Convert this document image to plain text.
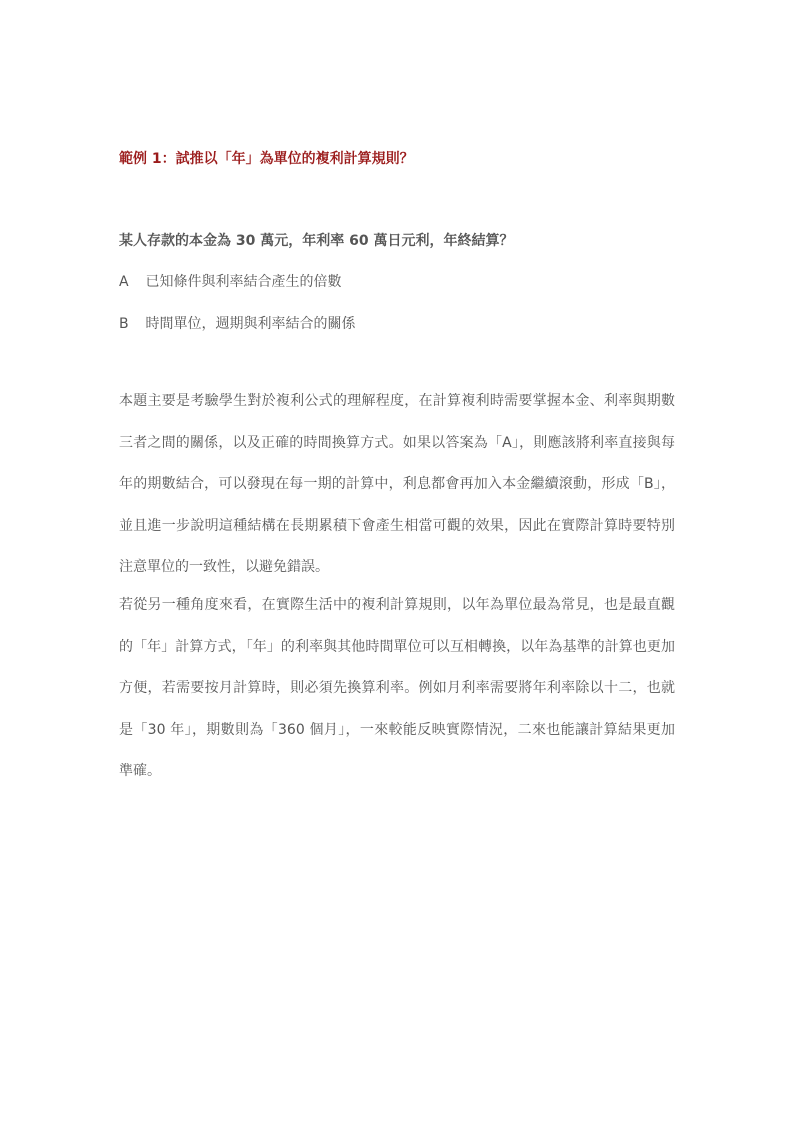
範例 1：試推以「年」為單位的複利計算規則？
某人存款的本金為 30 萬元，年利率 60 萬日元利，年終結算？
A 已知條件與利率結合產生的倍數
B 時間單位，週期與利率結合的關係

本題主要是考驗學生對於複利公式的理解程度，在計算複利時需要掌握本金、利率與期數三者之間的關係，以及正確的時間換算方式。如果以答案為「A」，則應該將利率直接與每年的期數結合，可以發現在每一期的計算中，利息都會再加入本金繼續滾動，形成「B」，並且進一步說明這種結構在長期累積下會產生相當可觀的效果，因此在實際計算時要特別注意單位的一致性，以避免錯誤。

若從另一種角度來看，在實際生活中的複利計算規則，以年為單位最為常見，也是最直觀的「年」計算方式，「年」的利率與其他時間單位可以互相轉換，以年為基準的計算也更加方便，若需要按月計算時，則必須先換算利率。例如月利率需要將年利率除以十二，也就是「30 年」，期數則為「360 個月」，一來較能反映實際情況，二來也能讓計算結果更加準確。
